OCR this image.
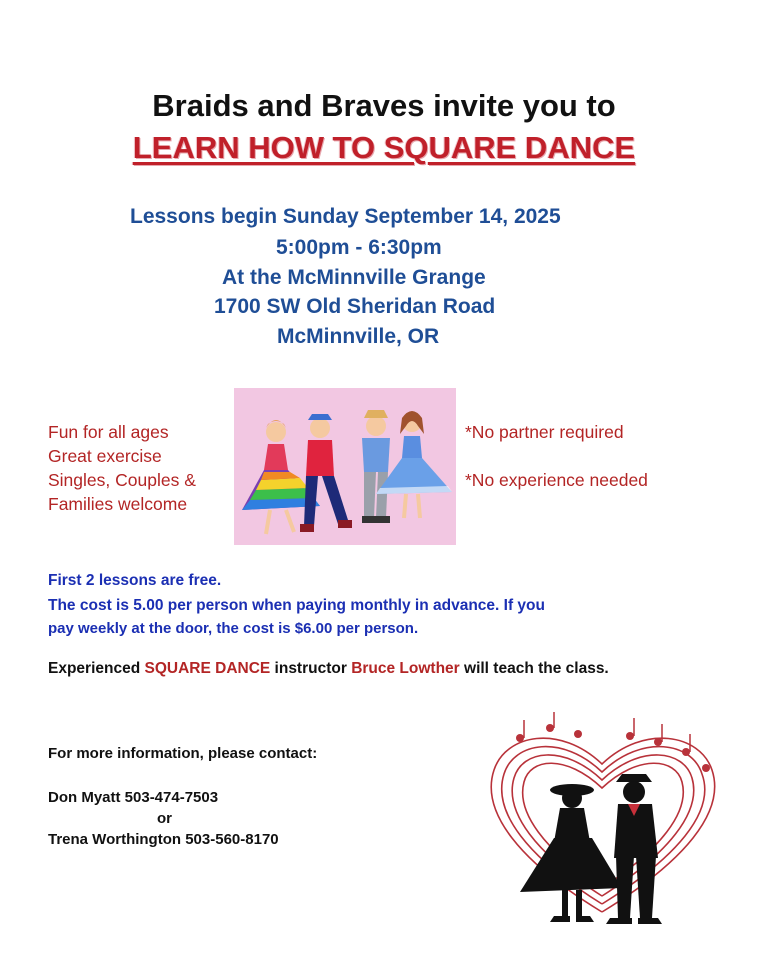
Braids and Braves invite you to
LEARN HOW TO SQUARE DANCE
Lessons begin Sunday September 14, 2025
5:00pm - 6:30pm
At the McMinnville Grange
1700 SW Old Sheridan Road
McMinnville, OR
Fun for all ages
Great exercise
Singles, Couples &
Families welcome
*No partner required
*No experience needed
First 2 lessons are free.
The cost is 5.00 per person when paying monthly in advance. If you
pay weekly at the door, the cost is $6.00 per person.
Experienced SQUARE DANCE instructor Bruce Lowther will teach the class.
For more information, please contact:
Don Myatt 503-474-7503
or
Trena Worthington 503-560-8170
